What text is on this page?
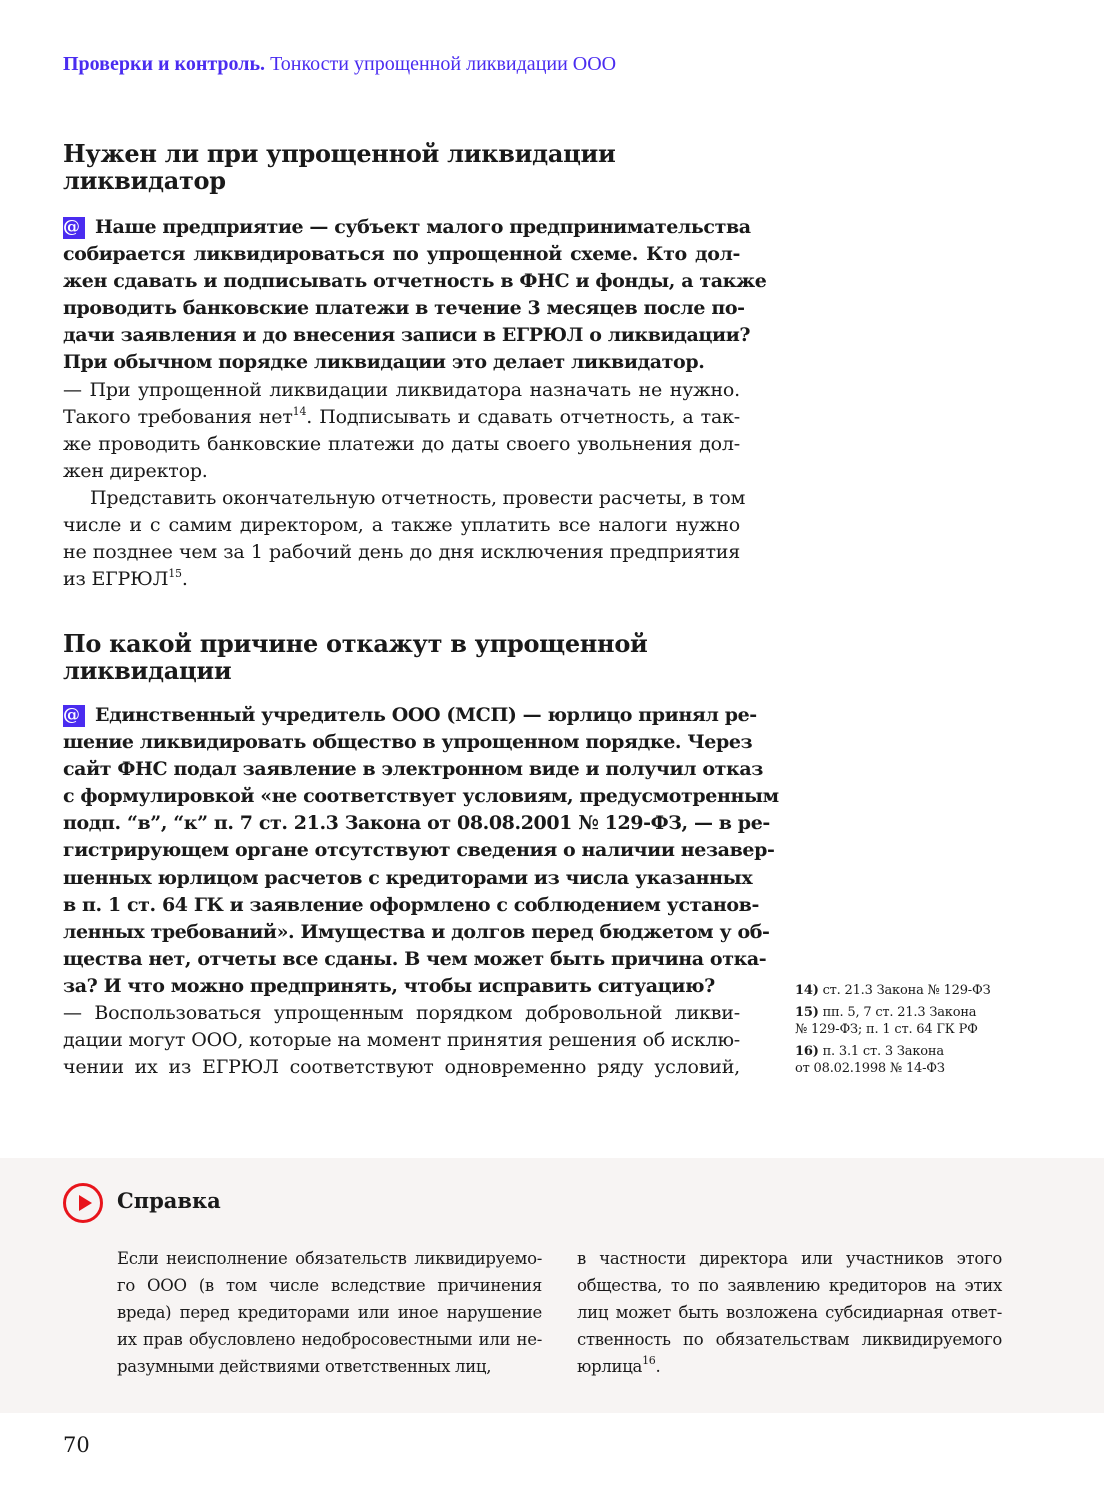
Проверки и контроль. Тонкости упрощенной ликвидации ООО
Нужен ли при упрощенной ликвидации
ликвидатор
@ Наше предприятие — субъект малого предпринимательства
собирается ликвидироваться по упрощенной схеме. Кто дол-
жен сдавать и подписывать отчетность в ФНС и фонды, а также
проводить банковские платежи в течение 3 месяцев после по-
дачи заявления и до внесения записи в ЕГРЮЛ о ликвидации?
При обычном порядке ликвидации это делает ликвидатор.
— При упрощенной ликвидации ликвидатора назначать не нужно.
Такого требования нет$^{14}$. Подписывать и сдавать отчетность, а так-
же проводить банковские платежи до даты своего увольнения дол-
жен директор.
Представить окончательную отчетность, провести расчеты, в том
числе и с самим директором, а также уплатить все налоги нужно
не позднее чем за 1 рабочий день до дня исключения предприятия
из ЕГРЮЛ$^{15}$.
По какой причине откажут в упрощенной
ликвидации
@ Единственный учредитель ООО (МСП) — юрлицо принял ре-
шение ликвидировать общество в упрощенном порядке. Через
сайт ФНС подал заявление в электронном виде и получил отказ
с формулировкой «не соответствует условиям, предусмотренным
подп. “в”, “к” п. 7 ст. 21.3 Закона от 08.08.2001 № 129-ФЗ, — в ре-
гистрирующем органе отсутствуют сведения о наличии незавер-
шенных юрлицом расчетов с кредиторами из числа указанных
в п. 1 ст. 64 ГК и заявление оформлено с соблюдением установ-
ленных требований». Имущества и долгов перед бюджетом у об-
щества нет, отчеты все сданы. В чем может быть причина отка-
за? И что можно предпринять, чтобы исправить ситуацию?
— Воспользоваться упрощенным порядком добровольной ликви-
дации могут ООО, которые на момент принятия решения об исклю-
чении их из ЕГРЮЛ соответствуют одновременно ряду условий,
14) ст. 21.3 Закона № 129-ФЗ
15) пп. 5, 7 ст. 21.3 Закона № 129-ФЗ; п. 1 ст. 64 ГК РФ
16) п. 3.1 ст. 3 Закона от 08.02.1998 № 14-ФЗ
Справка
Если неисполнение обязательств ликвидируемо-
го ООО (в том числе вследствие причинения
вреда) перед кредиторами или иное нарушение
их прав обусловлено недобросовестными или не-
разумными действиями ответственных лиц,
в частности директора или участников этого
общества, то по заявлению кредиторов на этих
лиц может быть возложена субсидиарная ответ-
ственность по обязательствам ликвидируемого
юрлица$^{16}$.
70
